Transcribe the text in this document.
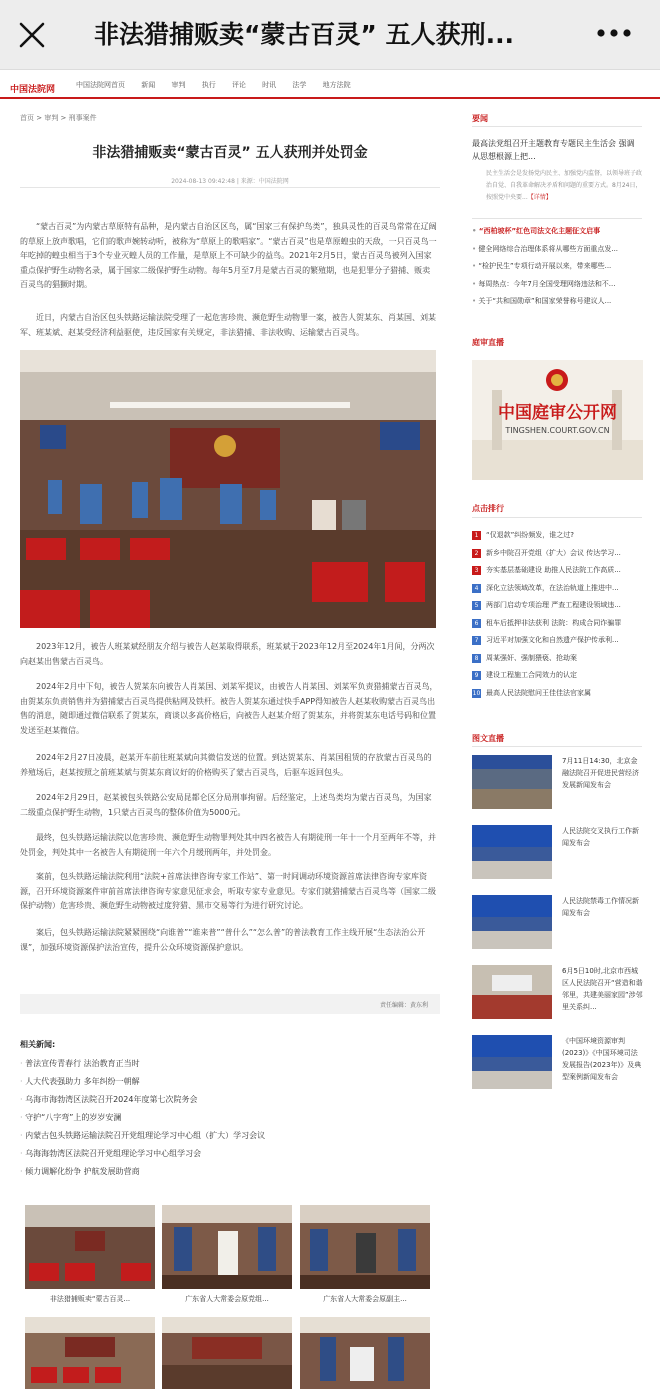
非法猎捕贩卖“蒙古百灵” 五人获刑...
中国法院网	中国法院网首页 新闻 审判 执行 评论 时讯 法学 地方法院
首页 > 审判 > 刑事案件
非法猎捕贩卖“蒙古百灵” 五人获刑并处罚金
2024-08-13 09:42:48 | 来源：中国法院网

“蒙古百灵”为内蒙古草原特有品种，是内蒙古自治区区鸟，属“国家三有保护鸟类”，独具灵性的百灵鸟常常在辽阔的草原上放声歌唱，它们的歌声婉转动听，被称为“草原上的歌唱家”。“蒙古百灵”也是草原蝗虫的天敌，一只百灵鸟一年吃掉的蝗虫相当于3个专业灭蝗人员的工作量，是草原上不可缺少的益鸟。2021年2月5日，蒙古百灵鸟被列入国家重点保护野生动物名录，属于国家二级保护野生动物。每年5月至7月是蒙古百灵的繁殖期，也是犯罪分子猎捕、贩卖百灵鸟的猖獗时期。

近日，内蒙古自治区包头铁路运输法院受理了一起危害珍贵、濒危野生动物罪一案，被告人贺某东、肖某国、刘某军、班某斌、赵某受经济利益驱使，违反国家有关规定，非法猎捕、非法收购、运输蒙古百灵鸟。

2023年12月，被告人班某斌经朋友介绍与被告人赵某取得联系，班某斌于2023年12月至2024年1月间，分两次向赵某出售蒙古百灵鸟。

2024年2月中下旬，被告人贺某东向被告人肖某国、刘某军提议，由被告人肖某国、刘某军负责猎捕蒙古百灵鸟，由贺某东负责销售并为猎捕蒙古百灵鸟提供粘网及铁杆。被告人贺某东通过快手APP得知被告人赵某收购蒙古百灵鸟出售的消息，随即通过微信联系了贺某东，商谈以多高价格后，向被告人赵某介绍了贺某东，并将贺某东电话号码和位置发送至赵某微信。

2024年2月27日凌晨，赵某开车前往班某斌向其微信发送的位置。到达贺某东、肖某国租赁的存放蒙古百灵鸟的养殖场后，赵某按照之前班某斌与贺某东商议好的价格购买了蒙古百灵鸟，后驱车返回包头。

2024年2月29日，赵某被包头铁路公安局昆都仑区分局刑事拘留。后经鉴定，上述鸟类均为蒙古百灵鸟，为国家二级重点保护野生动物，1只蒙古百灵鸟的整体价值为5000元。

最终，包头铁路运输法院以危害珍贵、濒危野生动物罪判处其中四名被告人有期徒刑一年十一个月至两年不等，并处罚金，判处其中一名被告人有期徒刑一年六个月缓刑两年，并处罚金。

案前，包头铁路运输法院利用“法院+首席法律咨询专家工作站”、第一时间调动环境资源首席法律咨询专家库资源，召开环境资源案件审前首席法律咨询专家意见征求会，听取专家专业意见。专家们就猎捕蒙古百灵鸟等（国家二级保护动物）危害珍贵、濒危野生动物被过度狩猎、黑市交易等行为进行研究讨论。

案后，包头铁路运输法院紧紧围绕“向谁普”“谁来普”“普什么”“怎么普”的普法教育工作主线开展“生态法治公开课”，加强环境资源保护法治宣传，提升公众环境资源保护意识。

责任编辑：黄东利
相关新闻:
· 普法宣传青春行 法治教育正当时
· 人大代表强助力 多年纠纷一朝解
· 乌海市海勃湾区法院召开2024年度第七次院务会
· 守护“八字弯”上的岁岁安澜
· 内蒙古包头铁路运输法院召开党组理论学习中心组（扩大）学习会议
· 乌海海勃湾区法院召开党组理论学习中心组学习会
· 倾力调解化纷争 护航发展助营商
非法猎捕贩卖“蒙古百灵...	广东省人大常委会原党组...	广东省人大常委会原副主...
要闻
最高法党组召开主题教育专题民主生活会 强调 从思想根源上把...
民主生活会是发扬党内民主、加强党内监督，以领导班子政治自觉、自我革命解决矛盾和问题的重要方式。8月24日，按照党中央要...【详情】
• “西柏坡杯”红色司法文化主题征文启事
• 健全网络综合治理体系将从哪些方面重点发...
• “检护民生”专项行动开展以来，带来哪些...
• 每周热点：今年7月全国受理网络违法和不...
• 关于“共和国勋章”和国家荣誉称号建议人...
庭审直播
中国庭审公开网
TINGSHEN.COURT.GOV.CN
点击排行
1	“仅退款”纠纷频发，谁之过?
2	新乡中院召开党组（扩大）会议 传达学习...
3	夯实基层基础建设 助推人民法院工作高质...
4	深化立法领域改革，在法治轨道上推进中...
5	两部门启动专项治理 严查工程建设领域违...
6	租车后抵押非法获利 法院：构成合同诈骗罪
7	习近平对加强文化和自然遗产保护传承利...
8	周某强奸、强制猥亵、抢劫案
9	建设工程施工合同效力的认定
10 最高人民法院慰问王佳佳法官家属
图文直播
7月11日14:30，北京金融法院召开促进民营经济发展新闻发布会
人民法院交叉执行工作新闻发布会
人民法院禁毒工作情况新闻发布会
6月5日10时,北京市西城区人民法院召开“营造和谐邻里，共建美丽家园”涉邻里关系纠...
《中国环境资源审判(2023)》《中国环境司法发展报告(2023年)》及典型案例新闻发布会
